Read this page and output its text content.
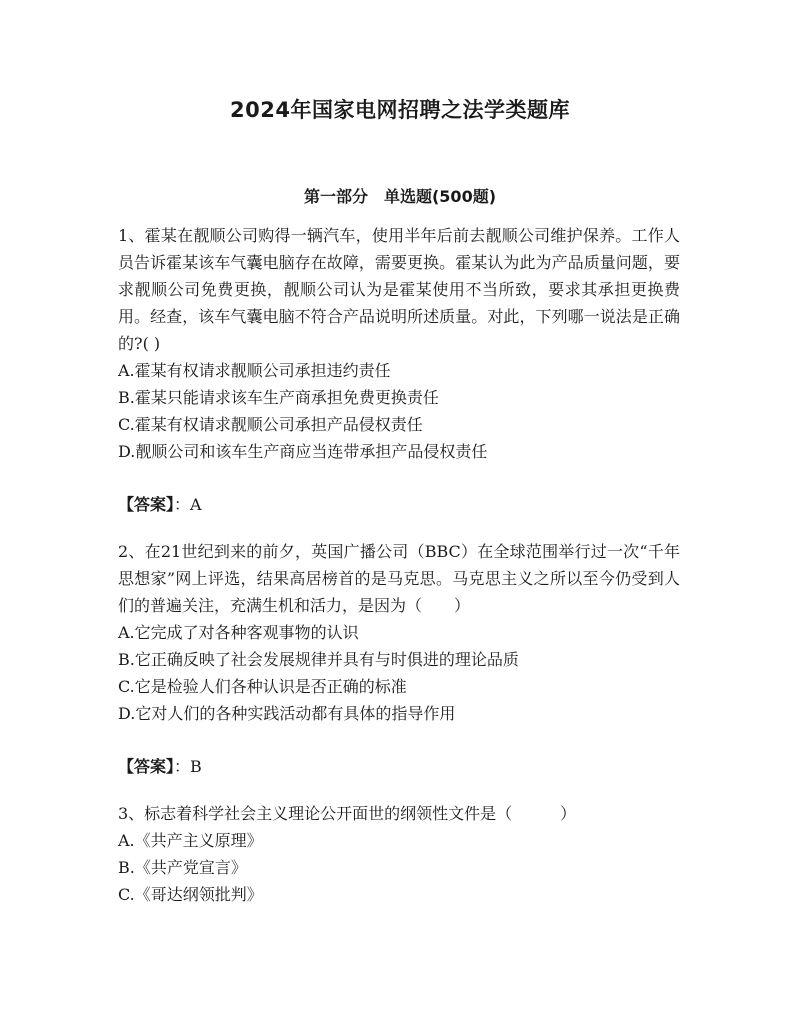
2024年国家电网招聘之法学类题库
第一部分　单选题(500题)

1、霍某在靓顺公司购得一辆汽车，使用半年后前去靓顺公司维护保养。工作人员告诉霍某该车气囊电脑存在故障，需要更换。霍某认为此为产品质量问题，要求靓顺公司免费更换，靓顺公司认为是霍某使用不当所致，要求其承担更换费用。经查，该车气囊电脑不符合产品说明所述质量。对此，下列哪一说法是正确的?( )

A.霍某有权请求靓顺公司承担违约责任

B.霍某只能请求该车生产商承担免费更换责任

C.霍某有权请求靓顺公司承担产品侵权责任

D.靓顺公司和该车生产商应当连带承担产品侵权责任

【答案】：A

2、在21世纪到来的前夕，英国广播公司（BBC）在全球范围举行过一次“千年思想家”网上评选，结果高居榜首的是马克思。马克思主义之所以至今仍受到人们的普遍关注，充满生机和活力，是因为（　　）

A.它完成了对各种客观事物的认识

B.它正确反映了社会发展规律并具有与时俱进的理论品质

C.它是检验人们各种认识是否正确的标准

D.它对人们的各种实践活动都有具体的指导作用

【答案】：B

3、标志着科学社会主义理论公开面世的纲领性文件是（　　　）

A.《共产主义原理》

B.《共产党宣言》

C.《哥达纲领批判》
